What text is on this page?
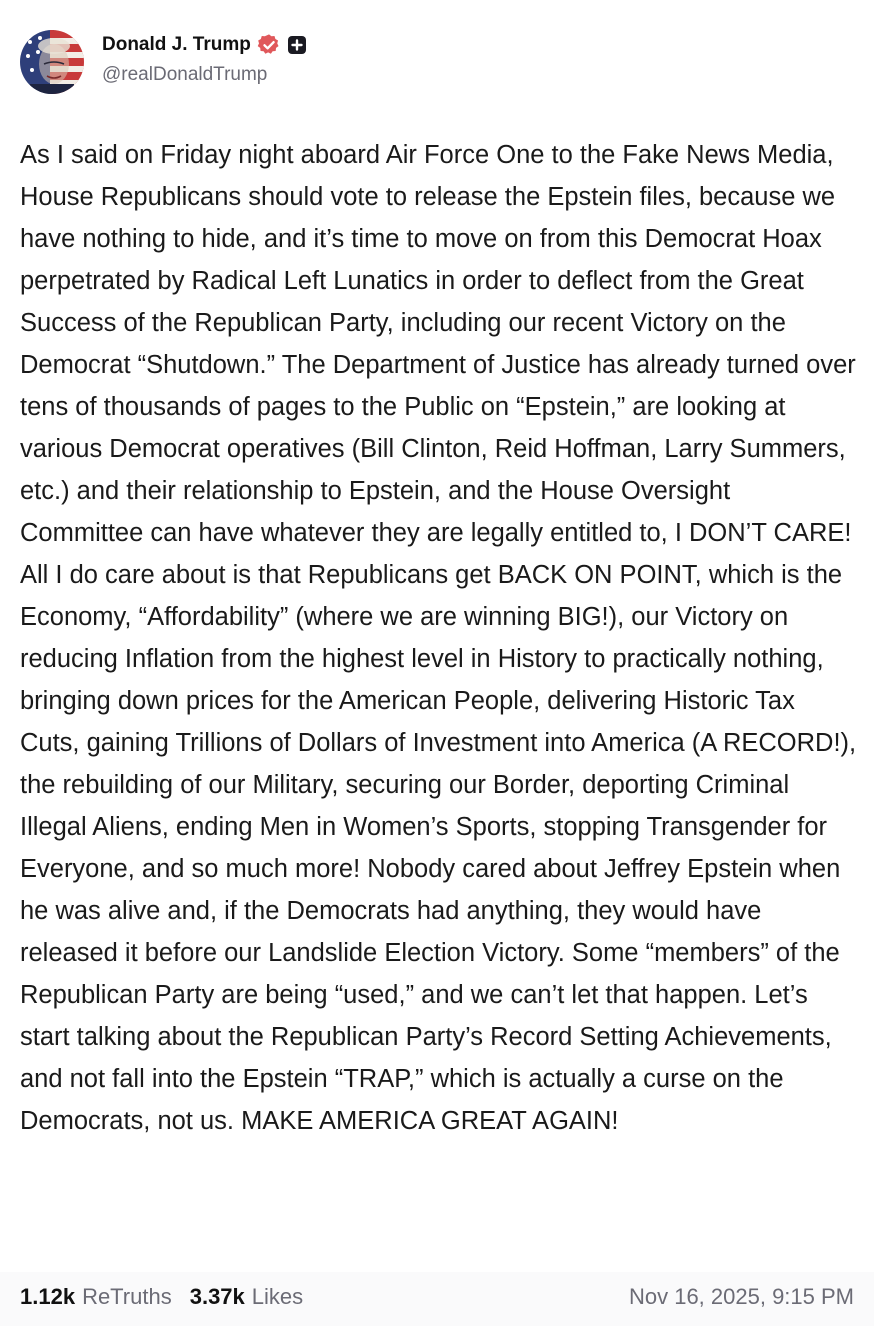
Donald J. Trump
@realDonaldTrump
As I said on Friday night aboard Air Force One to the Fake News Media, House Republicans should vote to release the Epstein files, because we have nothing to hide, and it’s time to move on from this Democrat Hoax perpetrated by Radical Left Lunatics in order to deflect from the Great Success of the Republican Party, including our recent Victory on the Democrat “Shutdown.” The Department of Justice has already turned over tens of thousands of pages to the Public on “Epstein,” are looking at various Democrat operatives (Bill Clinton, Reid Hoffman, Larry Summers, etc.) and their relationship to Epstein, and the House Oversight Committee can have whatever they are legally entitled to, I DON’T CARE! All I do care about is that Republicans get BACK ON POINT, which is the Economy, “Affordability” (where we are winning BIG!), our Victory on reducing Inflation from the highest level in History to practically nothing, bringing down prices for the American People, delivering Historic Tax Cuts, gaining Trillions of Dollars of Investment into America (A RECORD!), the rebuilding of our Military, securing our Border, deporting Criminal Illegal Aliens, ending Men in Women’s Sports, stopping Transgender for Everyone, and so much more! Nobody cared about Jeffrey Epstein when he was alive and, if the Democrats had anything, they would have released it before our Landslide Election Victory. Some “members” of the Republican Party are being “used,” and we can’t let that happen. Let’s start talking about the Republican Party’s Record Setting Achievements, and not fall into the Epstein “TRAP,” which is actually a curse on the Democrats, not us. MAKE AMERICA GREAT AGAIN!
1.12k ReTruths 3.37k Likes	Nov 16, 2025, 9:15 PM
